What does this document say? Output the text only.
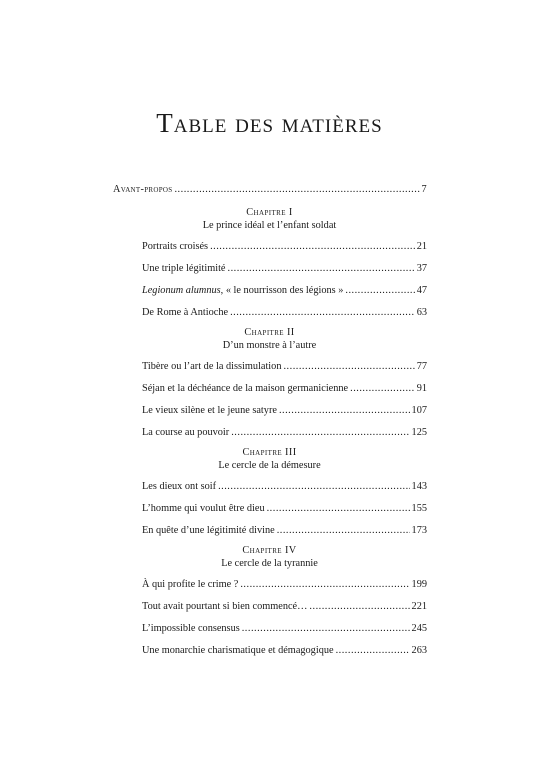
Table des matières
Avant-propos .....	7
Chapitre I
Le prince idéal et l’enfant soldat
Portraits croisés .....	21
Une triple légitimité .....	37
Legionum alumnus, « le nourrisson des légions » .....	47
De Rome à Antioche .....	63
Chapitre II
D’un monstre à l’autre
Tibère ou l’art de la dissimulation .....	77
Séjan et la déchéance de la maison germanicienne .....	91
Le vieux silène et le jeune satyre .....	107
La course au pouvoir .....	125
Chapitre III
Le cercle de la démesure
Les dieux ont soif .....	143
L’homme qui voulut être dieu .....	155
En quête d’une légitimité divine .....	173
Chapitre IV
Le cercle de la tyrannie
À qui profite le crime ? .....	199
Tout avait pourtant si bien commencé… .....	221
L’impossible consensus .....	245
Une monarchie charismatique et démagogique .....	263
